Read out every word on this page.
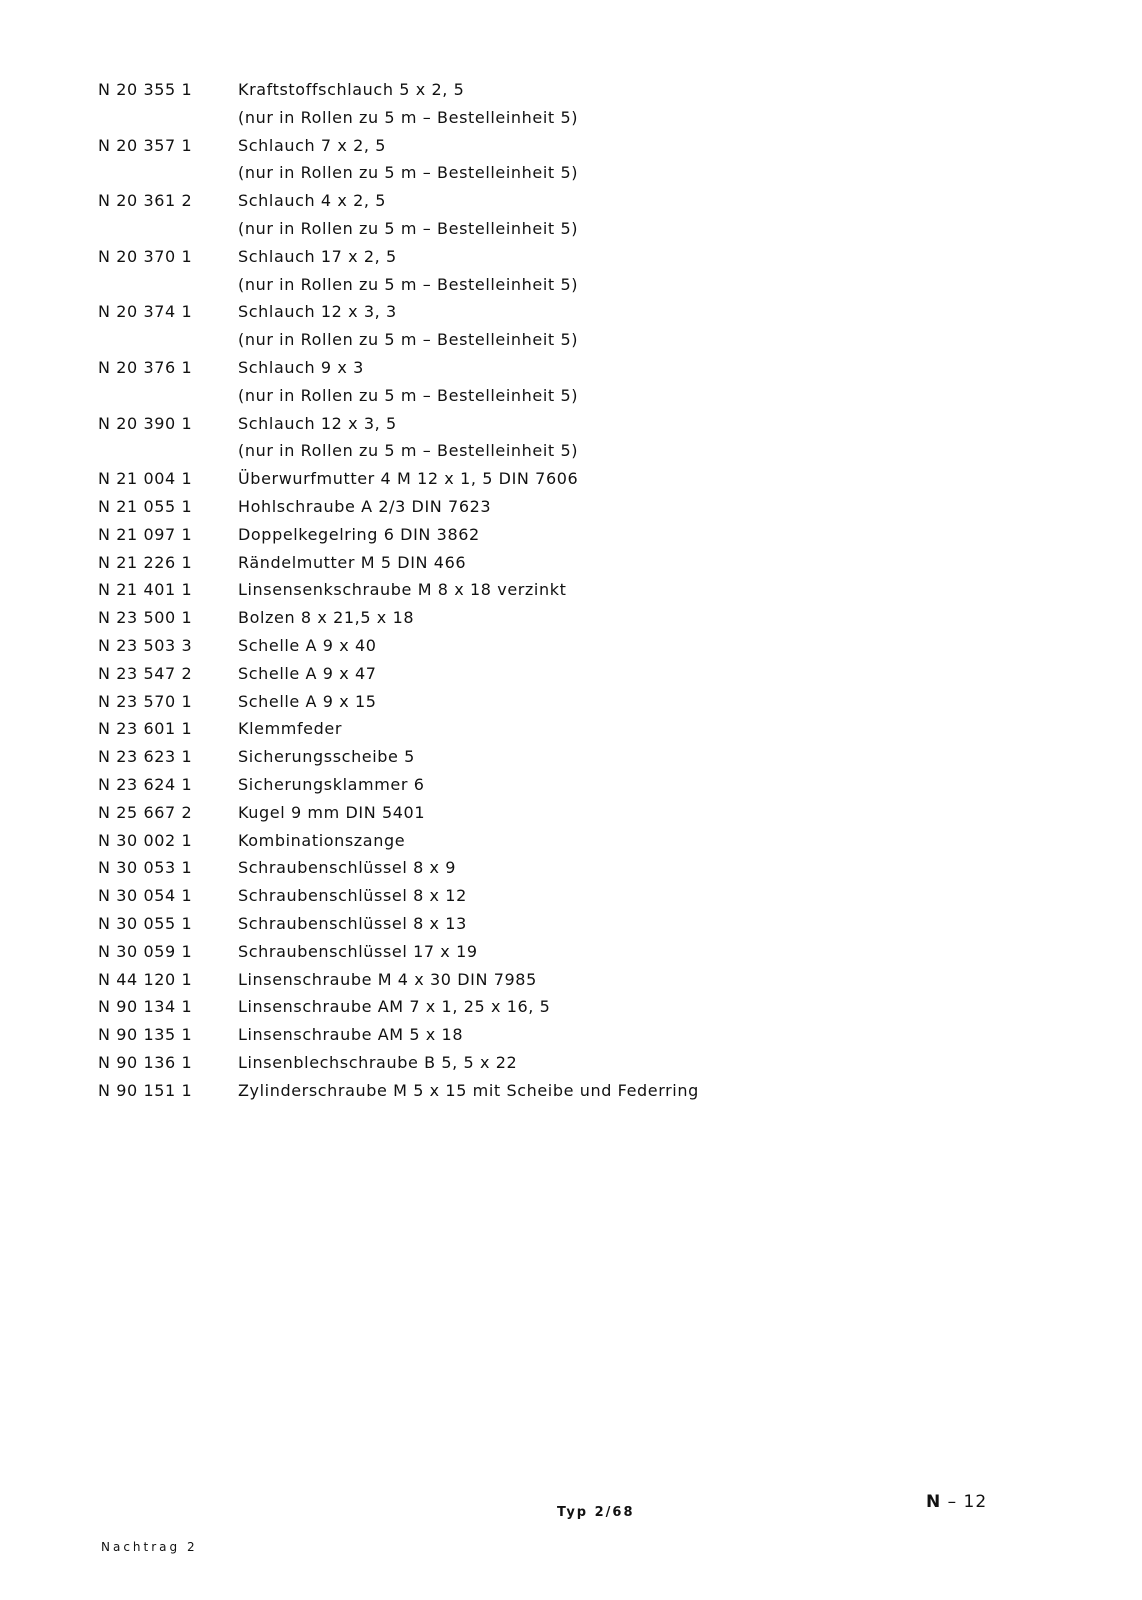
N 20 355 1	Kraftstoffschlauch 5 x 2, 5
(nur in Rollen zu 5 m – Bestelleinheit 5)
N 20 357 1	Schlauch 7 x 2, 5
(nur in Rollen zu 5 m – Bestelleinheit 5)
N 20 361 2	Schlauch 4 x 2, 5
(nur in Rollen zu 5 m – Bestelleinheit 5)
N 20 370 1	Schlauch 17 x 2, 5
(nur in Rollen zu 5 m – Bestelleinheit 5)
N 20 374 1	Schlauch 12 x 3, 3
(nur in Rollen zu 5 m – Bestelleinheit 5)
N 20 376 1	Schlauch 9 x 3
(nur in Rollen zu 5 m – Bestelleinheit 5)
N 20 390 1	Schlauch 12 x 3, 5
(nur in Rollen zu 5 m – Bestelleinheit 5)
N 21 004 1	Überwurfmutter 4 M 12 x 1, 5 DIN 7606
N 21 055 1	Hohlschraube A 2/3 DIN 7623
N 21 097 1	Doppelkegelring 6 DIN 3862
N 21 226 1	Rändelmutter M 5 DIN 466
N 21 401 1	Linsensenkschraube M 8 x 18 verzinkt
N 23 500 1	Bolzen 8 x 21,5 x 18
N 23 503 3	Schelle A 9 x 40
N 23 547 2	Schelle A 9 x 47
N 23 570 1	Schelle A 9 x 15
N 23 601 1	Klemmfeder
N 23 623 1	Sicherungsscheibe 5
N 23 624 1	Sicherungsklammer 6
N 25 667 2	Kugel 9 mm DIN 5401
N 30 002 1	Kombinationszange
N 30 053 1	Schraubenschlüssel 8 x 9
N 30 054 1	Schraubenschlüssel 8 x 12
N 30 055 1	Schraubenschlüssel 8 x 13
N 30 059 1	Schraubenschlüssel 17 x 19
N 44 120 1	Linsenschraube M 4 x 30 DIN 7985
N 90 134 1	Linsenschraube AM 7 x 1, 25 x 16, 5
N 90 135 1	Linsenschraube AM 5 x 18
N 90 136 1	Linsenblechschraube B 5, 5 x 22
N 90 151 1	Zylinderschraube M 5 x 15 mit Scheibe und Federring
Typ 2/68
N – 12
Nachtrag 2
